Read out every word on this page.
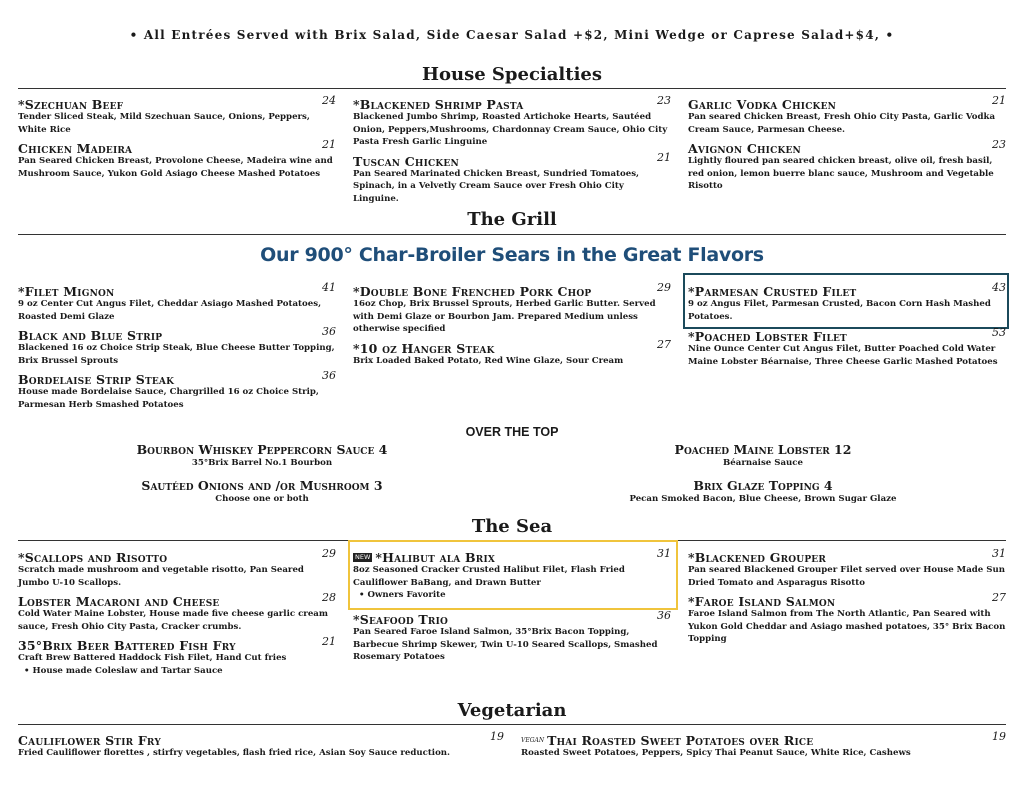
• All Entrées Served with Brix Salad, Side Caesar Salad +$2, Mini Wedge or Caprese Salad+$4, •
House Specialties
*Szechuan Beef	24
Tender Sliced Steak, Mild Szechuan Sauce, Onions, Peppers, White Rice
Chicken Madeira	21
Pan Seared Chicken Breast, Provolone Cheese, Madeira wine and Mushroom Sauce, Yukon Gold Asiago Cheese Mashed Potatoes
*Blackened Shrimp Pasta	23
Blackened Jumbo Shrimp, Roasted Artichoke Hearts, Sautéed Onion, Peppers,Mushrooms, Chardonnay Cream Sauce, Ohio City Pasta Fresh Garlic Linguine
Tuscan Chicken	21
Pan Seared Marinated Chicken Breast, Sundried Tomatoes, Spinach, in a Velvetly Cream Sauce over Fresh Ohio City Linguine.
Garlic Vodka Chicken	21
Pan seared Chicken Breast, Fresh Ohio City Pasta, Garlic Vodka Cream Sauce, Parmesan Cheese.
Avignon Chicken	23
Lightly floured pan seared chicken breast, olive oil, fresh basil, red onion, lemon buerre blanc sauce, Mushroom and Vegetable Risotto
The Grill
Our 900° Char-Broiler Sears in the Great Flavors
*Filet Mignon	41
9 oz Center Cut Angus Filet, Cheddar Asiago Mashed Potatoes, Roasted Demi Glaze
Black and Blue Strip	36
Blackened 16 oz Choice Strip Steak, Blue Cheese Butter Topping, Brix Brussel Sprouts
Bordelaise Strip Steak	36
House made Bordelaise Sauce, Chargrilled 16 oz Choice Strip, Parmesan Herb Smashed Potatoes
*Double Bone Frenched Pork Chop	29
16oz Chop, Brix Brussel Sprouts, Herbed Garlic Butter. Served with Demi Glaze or Bourbon Jam. Prepared Medium unless otherwise specified
*10 oz Hanger Steak	27
Brix Loaded Baked Potato, Red Wine Glaze, Sour Cream
*Parmesan Crusted Filet	43
9 oz Angus Filet, Parmesan Crusted, Bacon Corn Hash Mashed Potatoes.
*Poached Lobster Filet	53
Nine Ounce Center Cut Angus Filet, Butter Poached Cold Water Maine Lobster Béarnaise, Three Cheese Garlic Mashed Potatoes
OVER THE TOP
Bourbon Whiskey Peppercorn Sauce 4
35°Brix Barrel No.1 Bourbon
Sautéed Onions and /or Mushroom 3
Choose one or both
Poached Maine Lobster 12
Béarnaise Sauce
Brix Glaze Topping 4
Pecan Smoked Bacon, Blue Cheese, Brown Sugar Glaze
The Sea
*Scallops and Risotto	29
Scratch made mushroom and vegetable risotto, Pan Seared Jumbo U-10 Scallops.
Lobster Macaroni and Cheese	28
Cold Water Maine Lobster, House made five cheese garlic cream sauce, Fresh Ohio City Pasta, Cracker crumbs.
35°Brix Beer Battered Fish Fry	21
Craft Brew Battered Haddock Fish Filet, Hand Cut fries
• House made Coleslaw and Tartar Sauce
NEW *Halibut ala Brix	31
8oz Seasoned Cracker Crusted Halibut Filet, Flash Fried Cauliflower BaBang, and Drawn Butter
• Owners Favorite
*Seafood Trio	36
Pan Seared Faroe Island Salmon, 35°Brix Bacon Topping, Barbecue Shrimp Skewer, Twin U-10 Seared Scallops, Smashed Rosemary Potatoes
*Blackened Grouper	31
Pan seared Blackened Grouper Filet served over House Made Sun Dried Tomato and Asparagus Risotto
*Faroe Island Salmon	27
Faroe Island Salmon from The North Atlantic, Pan Seared with Yukon Gold Cheddar and Asiago mashed potatoes, 35° Brix Bacon Topping
Vegetarian
Cauliflower Stir Fry	19
Fried Cauliflower florettes , stirfry vegetables, flash fried rice, Asian Soy Sauce reduction.
VEGAN Thai Roasted Sweet Potatoes over Rice	19
Roasted Sweet Potatoes, Peppers, Spicy Thai Peanut Sauce, White Rice, Cashews
